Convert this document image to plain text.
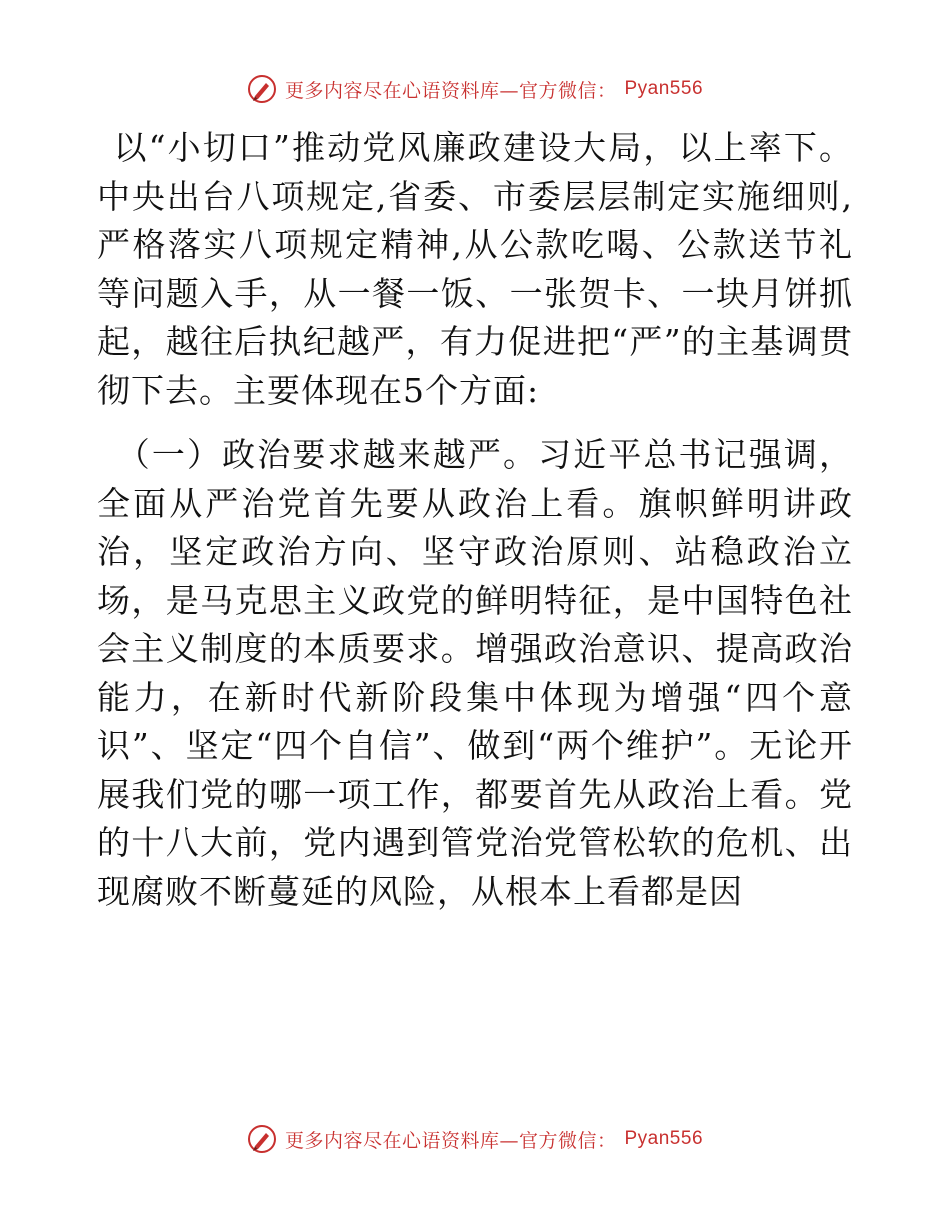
更多内容尽在心语资料库—官方微信： Pyan556

以“小切口”推动党风廉政建设大局，以上率下。中央出台八项规定,省委、市委层层制定实施细则,严格落实八项规定精神,从公款吃喝、公款送节礼等问题入手，从一餐一饭、一张贺卡、一块月饼抓起，越往后执纪越严，有力促进把“严”的主基调贯彻下去。主要体现在5个方面:

（一）政治要求越来越严。习近平总书记强调，全面从严治党首先要从政治上看。旗帜鲜明讲政治，坚定政治方向、坚守政治原则、站稳政治立场，是马克思主义政党的鲜明特征，是中国特色社会主义制度的本质要求。增强政治意识、提高政治能力，在新时代新阶段集中体现为增强“四个意识”、坚定“四个自信”、做到“两个维护”。无论开展我们党的哪一项工作，都要首先从政治上看。党的十八大前，党内遇到管党治党管松软的危机、出现腐败不断蔓延的风险，从根本上看都是因

更多内容尽在心语资料库—官方微信： Pyan556
